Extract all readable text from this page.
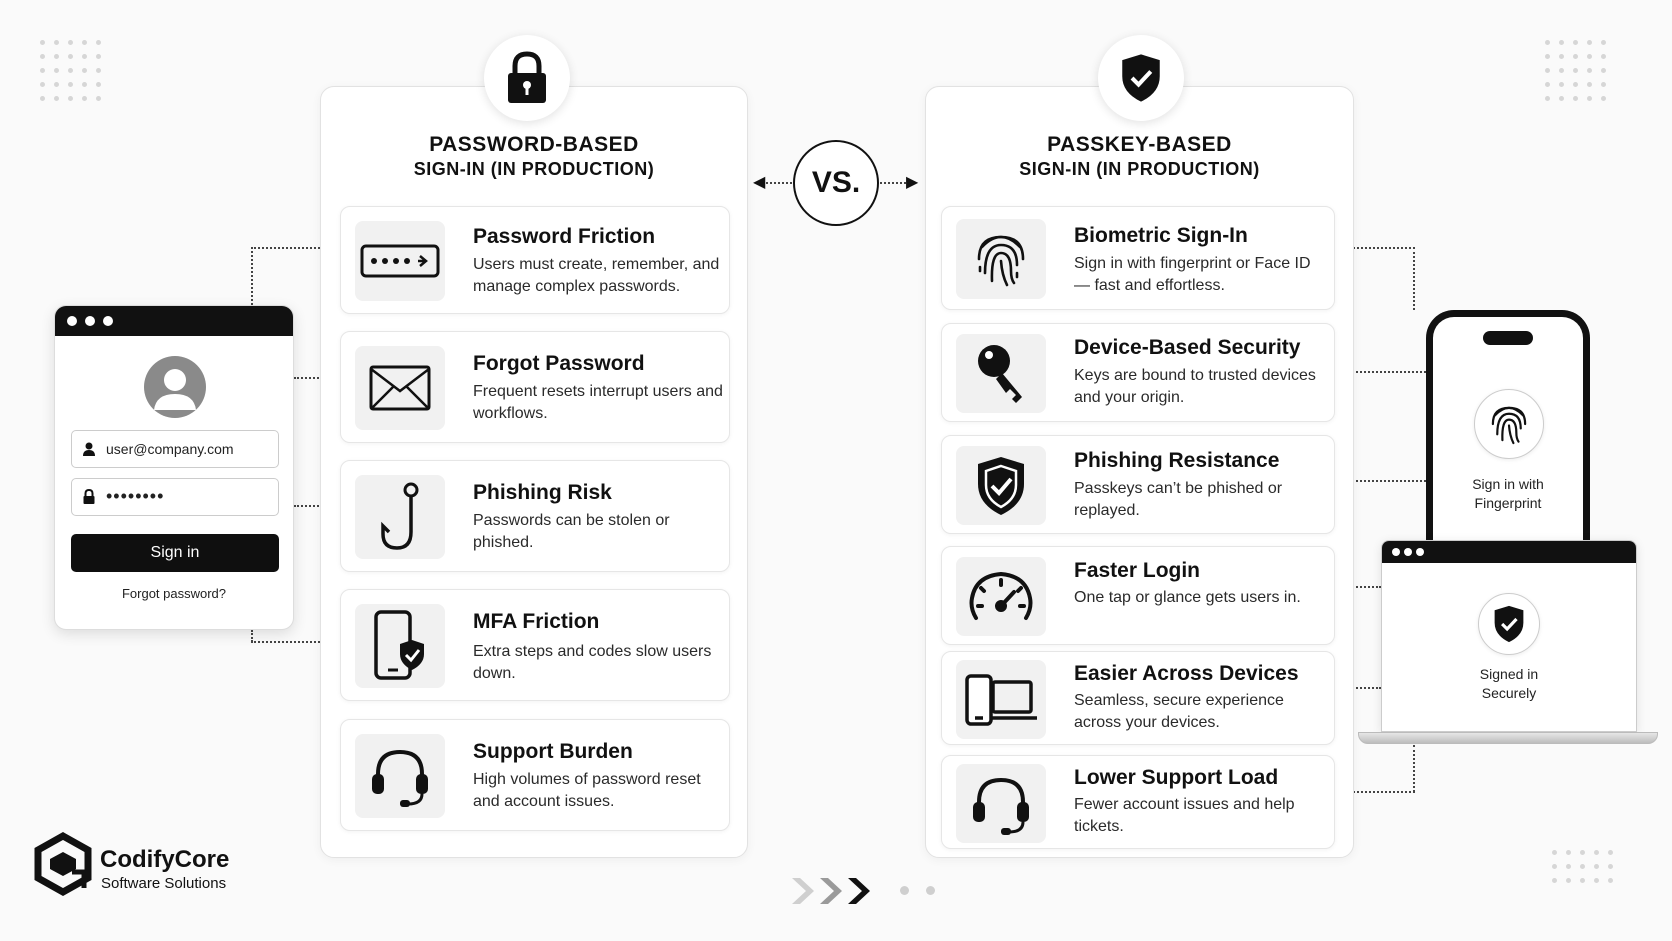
PASSWORD-BASED
SIGN-IN (IN PRODUCTION)
Password Friction
Users must create, remember, and manage complex passwords.
Forgot Password
Frequent resets interrupt users and workflows.
Phishing Risk
Passwords can be stolen or phished.
MFA Friction
Extra steps and codes slow users down.
Support Burden
High volumes of password reset and account issues.
◀	▶
VS.
PASSKEY-BASED
SIGN-IN (IN PRODUCTION)
Biometric Sign-In
Sign in with fingerprint or Face ID — fast and effortless.
Device-Based Security
Keys are bound to trusted devices and your origin.
Phishing Resistance
Passkeys can’t be phished or replayed.
Faster Login
One tap or glance gets users in.
Easier Across Devices
Seamless, secure experience across your devices.
Lower Support Load
Fewer account issues and help tickets.
user@company.com
••••••••
Sign in
Forgot password?
Sign in with
Fingerprint
Signed in
Securely
CodifyCore
Software Solutions
